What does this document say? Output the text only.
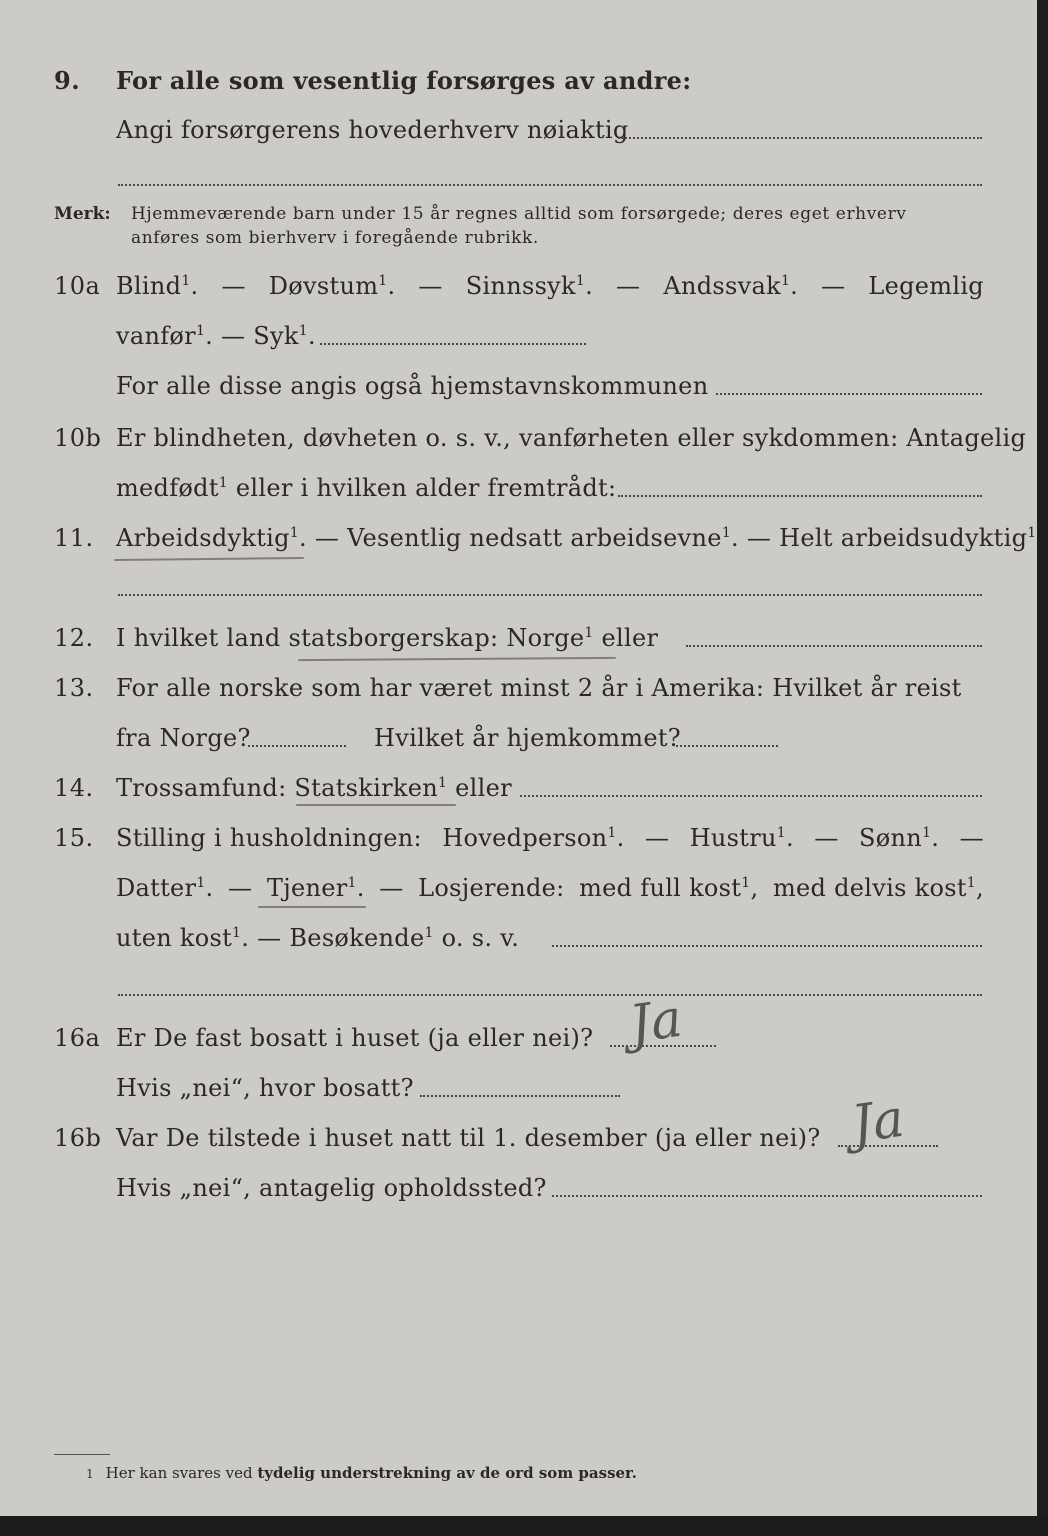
9. For alle som vesentlig forsørges av andre:
Angi forsørgerens hovederhverv nøiaktig
Merk: Hjemmeværende barn under 15 år regnes alltid som forsørgede; deres eget erhverv
anføres som bierhverv i foregående rubrikk.
10a Blind$^1$. — Døvstum$^1$. — Sinnssyk$^1$. — Andssvak$^1$. — Legemlig
vanfør$^1$. — Syk$^1$.
For alle disse angis også hjemstavnskommunen
10b Er blindheten, døvheten o. s. v., vanførheten eller sykdommen: Antagelig
medfødt$^1$ eller i hvilken alder fremtrådt:
11. Arbeidsdyktig$^1$. — Vesentlig nedsatt arbeidsevne$^1$. — Helt arbeidsudyktig$^1$
12. I hvilket land statsborgerskap: Norge$^1$ eller
13. For alle norske som har været minst 2 år i Amerika: Hvilket år reist
fra Norge?	Hvilket år hjemkommet?
14. Trossamfund: Statskirken$^1$ eller
15. Stilling i husholdningen: Hovedperson$^1$. — Hustru$^1$. — Sønn$^1$. —
Datter$^1$. — Tjener$^1$. — Losjerende: med full kost$^1$, med delvis kost$^1$,
uten kost$^1$. — Besøkende$^1$ o. s. v.
16a Er De fast bosatt i huset (ja eller nei)? Ja
Hvis „nei“, hvor bosatt?
16b Var De tilstede i huset natt til 1. desember (ja eller nei)? Ja
Hvis „nei“, antagelig opholdssted?
1 Her kan svares ved tydelig understrekning av de ord som passer.
